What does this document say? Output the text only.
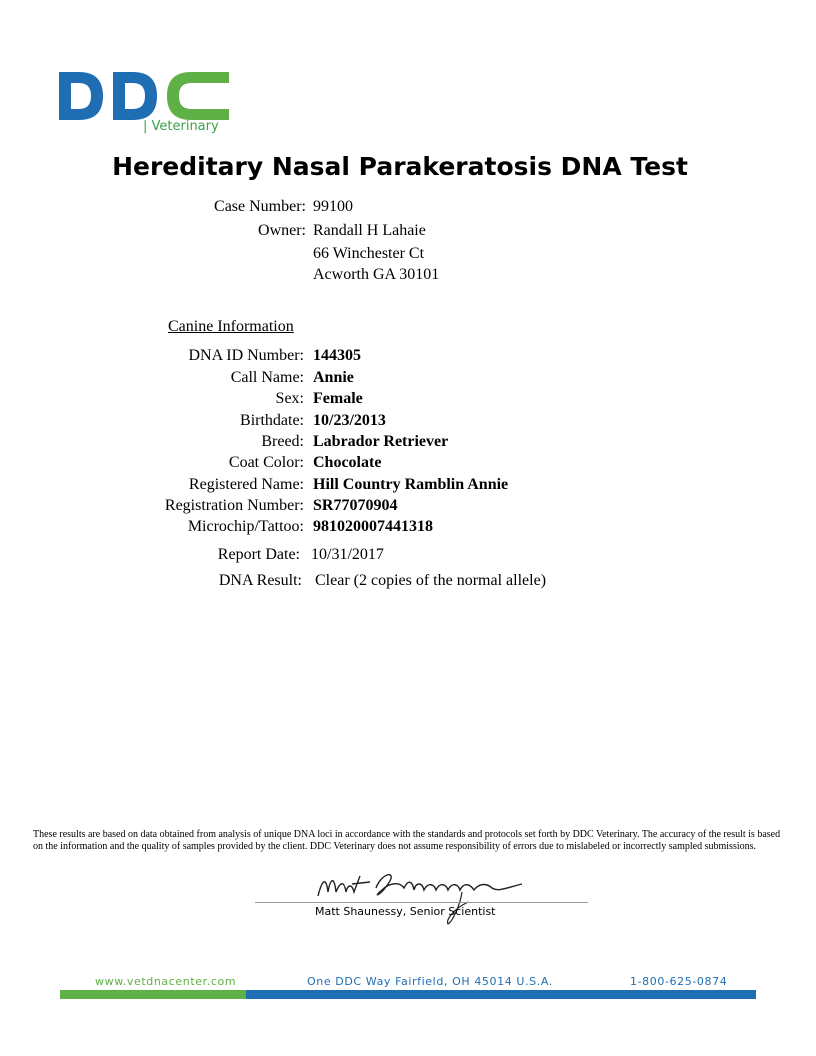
| Veterinary
Hereditary Nasal Parakeratosis DNA Test
Case Number: 99100
Owner: Randall H Lahaie
66 Winchester Ct
Acworth GA 30101
Canine Information
DNA ID Number: 144305
Call Name: Annie
Sex: Female
Birthdate: 10/23/2013
Breed: Labrador Retriever
Coat Color: Chocolate
Registered Name: Hill Country Ramblin Annie
Registration Number: SR77070904
Microchip/Tattoo: 981020007441318
Report Date: 10/31/2017
DNA Result: Clear (2 copies of the normal allele)
These results are based on data obtained from analysis of unique DNA loci in accordance with the standards and protocols set forth by DDC Veterinary. The accuracy of the result is based on the information and the quality of samples provided by the client. DDC Veterinary does not assume responsibility of errors due to mislabeled or incorrectly sampled submissions.
Matt Shaunessy, Senior Scientist
www.vetdnacenter.com	One DDC Way Fairfield, OH 45014 U.S.A.	1-800-625-0874
